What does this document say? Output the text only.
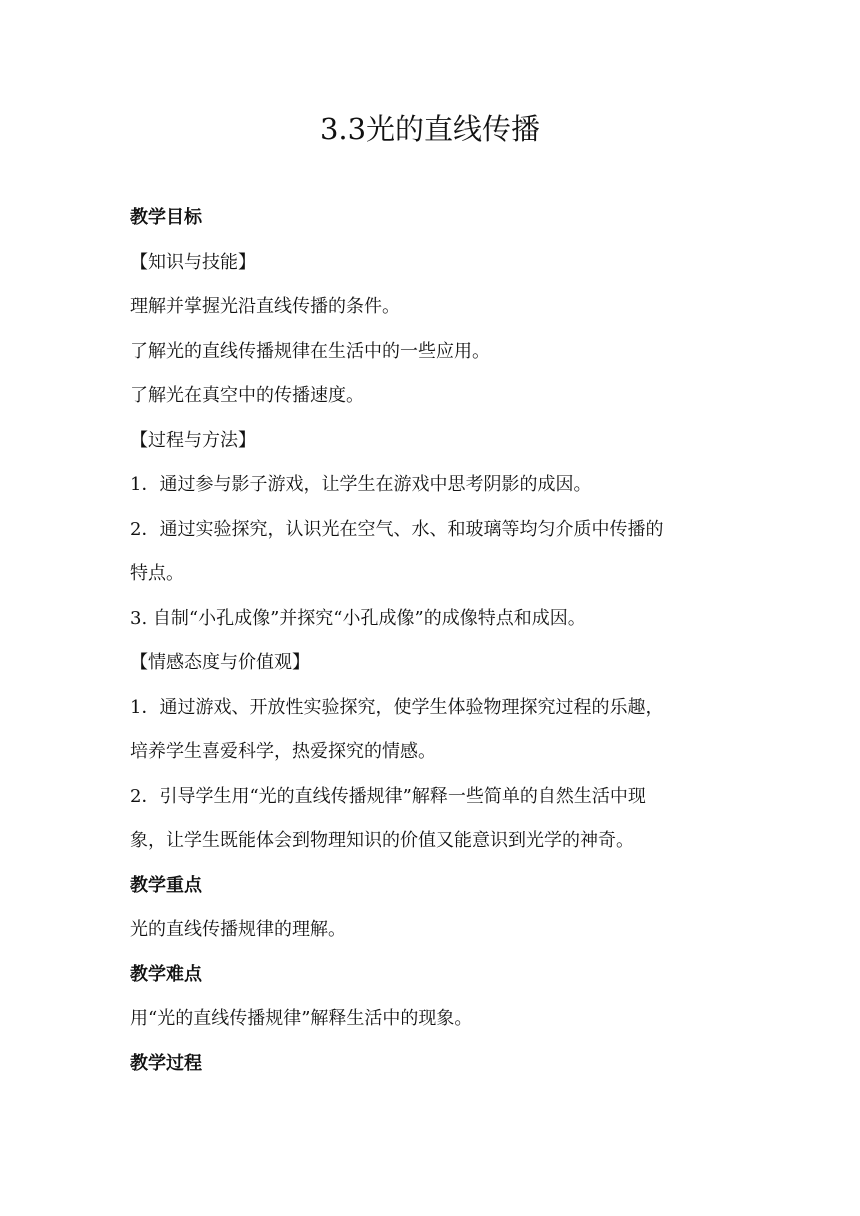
3.3光的直线传播

教学目标

【知识与技能】

理解并掌握光沿直线传播的条件。

了解光的直线传播规律在生活中的一些应用。

了解光在真空中的传播速度。

【过程与方法】

1．通过参与影子游戏，让学生在游戏中思考阴影的成因。

2．通过实验探究，认识光在空气、水、和玻璃等均匀介质中传播的

特点。

3. 自制“小孔成像”并探究“小孔成像”的成像特点和成因。

【情感态度与价值观】

1．通过游戏、开放性实验探究，使学生体验物理探究过程的乐趣，

培养学生喜爱科学，热爱探究的情感。

2．引导学生用“光的直线传播规律”解释一些简单的自然生活中现

象，让学生既能体会到物理知识的价值又能意识到光学的神奇。

教学重点

光的直线传播规律的理解。

教学难点

用“光的直线传播规律”解释生活中的现象。

教学过程
